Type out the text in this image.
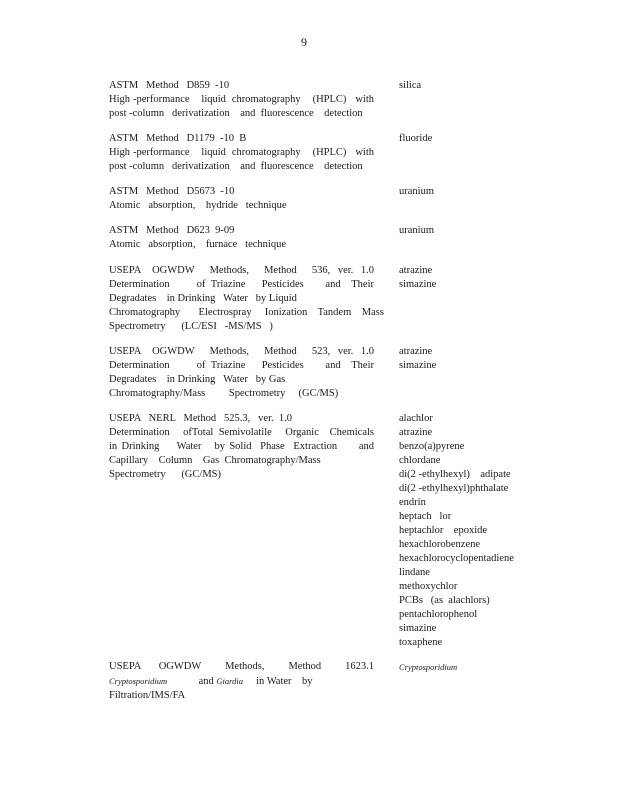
9
ASTM   Method   D859  -10
High -performance    liquid  chromatography    (HPLC)   with
post -column   derivatization    and  fluorescence    detection
silica
ASTM   Method   D1179  -10  B
High -performance    liquid  chromatography    (HPLC)   with
post -column   derivatization    and  fluorescence    detection
fluoride
ASTM   Method   D5673  -10
Atomic   absorption,    hydride   technique
uranium
ASTM   Method   D623  9-09
Atomic   absorption,    furnace   technique
uranium
USEPA   OGWDW    Methods,    Method    536,  ver.  1.0
Determination     of Triazine   Pesticides    and  Their
Degradates    in Drinking   Water   by Liquid
Chromatography       Electrospray     Ionization    Tandem    Mass
Spectrometry      (LC/ESI   -MS/MS   )
atrazine
simazine
USEPA   OGWDW    Methods,    Method    523,  ver.  1.0
Determination     of Triazine   Pesticides    and  Their
Degradates    in Drinking   Water   by Gas
Chromatography/Mass         Spectrometry     (GC/MS)
atrazine
simazine
USEPA   NERL   Method   525.3,   ver.  1.0
Determination     ofTotal  Semivolatile     Organic    Chemicals
in Drinking    Water   by Solid  Phase  Extraction     and
Capillary    Column    Gas  Chromatography/Mass
Spectrometry      (GC/MS)
alachlor
atrazine
benzo(a)pyrene
chlordane
di(2 -ethylhexyl)    adipate
di(2 -ethylhexyl)phthalate
endrin
heptach   lor
heptachlor    epoxide
hexachlorobenzene
hexachlorocyclopentadiene
lindane
methoxychlor
PCBs   (as  alachlors)
pentachlorophenol
simazine
toxaphene
USEPA   OGWDW    Methods,    Method    1623.1
Cryptosporidium	and Giardia in Water    by
Filtration/IMS/FA
Cryptosporidium
